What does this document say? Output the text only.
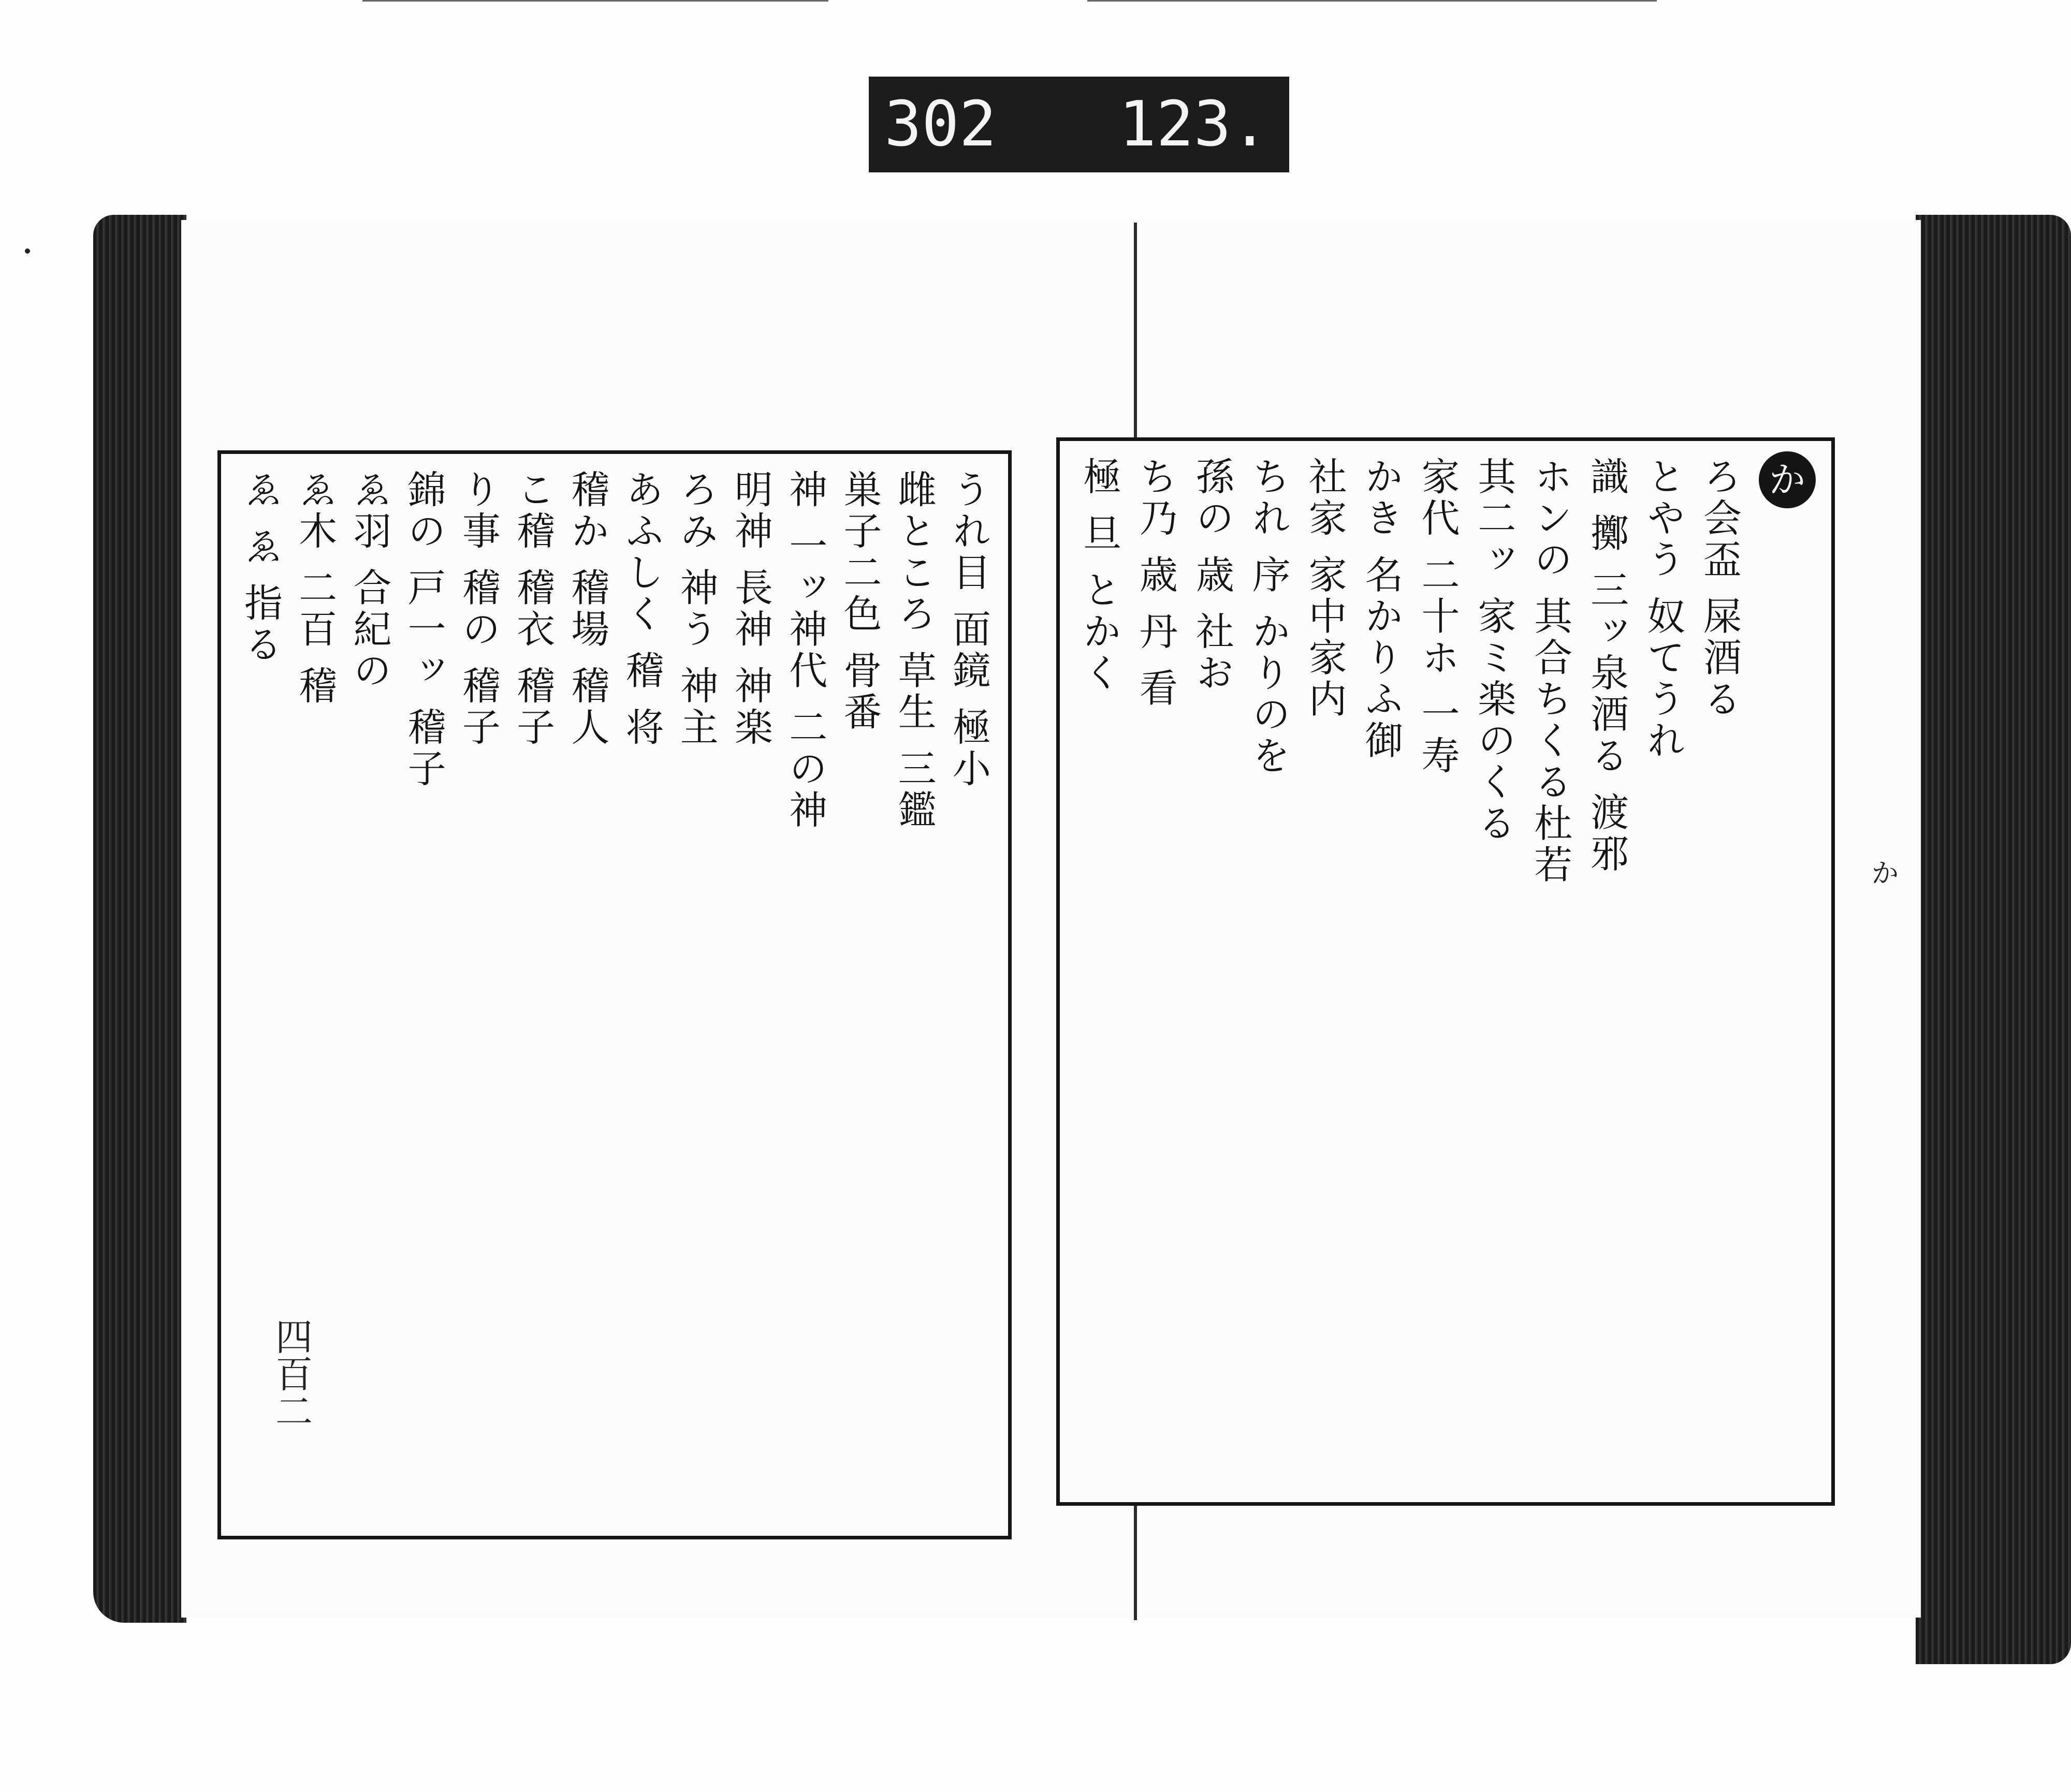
302 123.
か
ろ会盃 屎酒る
とやう 奴てうれ
識 擲 三ッ泉酒る 渡邪
ホンの 其合ちくる杜若
其二ッ 家ミ楽のくる
家代 二十ホ 一寿
かき 名かりふ御
社家 家中家内
ちれ 序 かりのを
孫の 歳 社お
ち乃 歳 丹 看
極 旦 とかく
か
うれ目 面鏡 極小
雌ところ 草生 三鑑
巣子二色 骨番
神 一ッ神代 二の神
明神 長神 神楽
ろみ 神う 神主
あふしく 稽 将
稽か 稽場 稽人
こ稽 稽衣 稽子
り事 稽の 稽子
錦の 戸一ッ 稽子
ゑ羽 合紀の
ゑ木 二百 稽
ゑ ゑ 指る
四百二
